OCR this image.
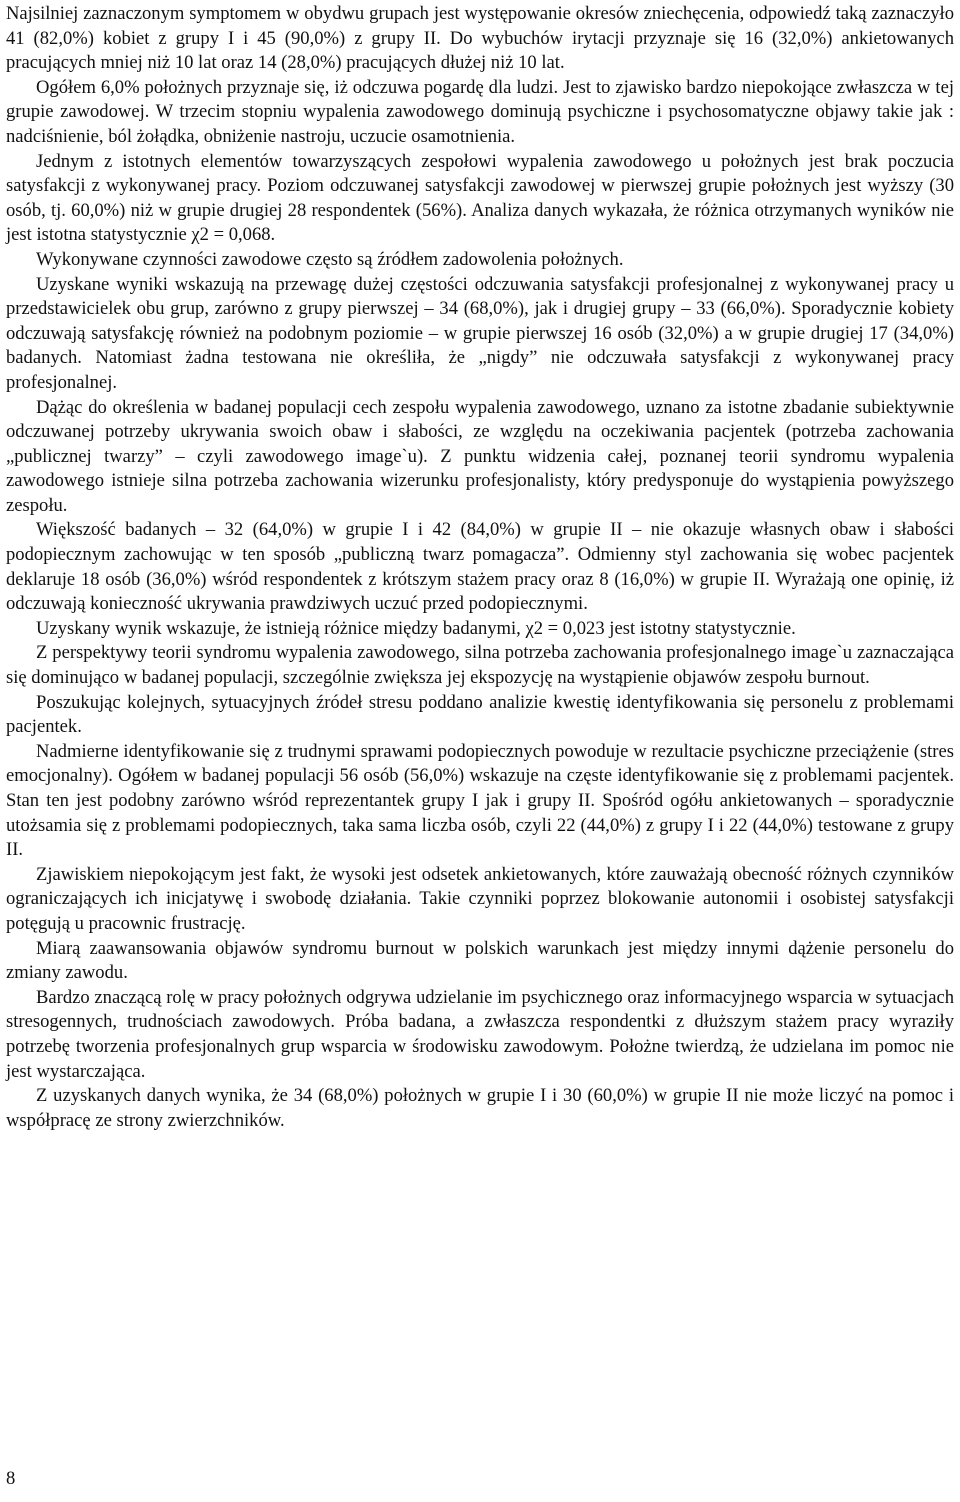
Najsilniej zaznaczonym symptomem w obydwu grupach jest występowanie okresów zniechęcenia, odpowiedź taką zaznaczyło 41 (82,0%) kobiet z grupy I i 45 (90,0%) z grupy II. Do wybuchów irytacji przyznaje się 16 (32,0%) ankietowanych pracujących mniej niż 10 lat oraz 14 (28,0%) pracujących dłużej niż 10 lat.

Ogółem 6,0% położnych przyznaje się, iż odczuwa pogardę dla ludzi. Jest to zjawisko bardzo niepokojące zwłaszcza w tej grupie zawodowej. W trzecim stopniu wypalenia zawodowego dominują psychiczne i psychosomatyczne objawy takie jak : nadciśnienie, ból żołądka, obniżenie nastroju, uczucie osamotnienia.

Jednym z istotnych elementów towarzyszących zespołowi wypalenia zawodowego u położnych jest brak poczucia satysfakcji z wykonywanej pracy. Poziom odczuwanej satysfakcji zawodowej w pierwszej grupie położnych jest wyższy (30 osób, tj. 60,0%) niż w grupie drugiej 28 respondentek (56%). Analiza danych wykazała, że różnica otrzymanych wyników nie jest istotna statystycznie χ2 = 0,068.

Wykonywane czynności zawodowe często są źródłem zadowolenia położnych.

Uzyskane wyniki wskazują na przewagę dużej częstości odczuwania satysfakcji profesjonalnej z wykonywanej pracy u przedstawicielek obu grup, zarówno z grupy pierwszej – 34 (68,0%), jak i drugiej grupy – 33 (66,0%). Sporadycznie kobiety odczuwają satysfakcję również na podobnym poziomie – w grupie pierwszej 16 osób (32,0%) a w grupie drugiej 17 (34,0%) badanych. Natomiast żadna testowana nie określiła, że „nigdy” nie odczuwała satysfakcji z wykonywanej pracy profesjonalnej.

Dążąc do określenia w badanej populacji cech zespołu wypalenia zawodowego, uznano za istotne zbadanie subiektywnie odczuwanej potrzeby ukrywania swoich obaw i słabości, ze względu na oczekiwania pacjentek (potrzeba zachowania „publicznej twarzy” – czyli zawodowego image`u). Z punktu widzenia całej, poznanej teorii syndromu wypalenia zawodowego istnieje silna potrzeba zachowania wizerunku profesjonalisty, który predysponuje do wystąpienia powyższego zespołu.

Większość badanych – 32 (64,0%) w grupie I i 42 (84,0%) w grupie II – nie okazuje własnych obaw i słabości podopiecznym zachowując w ten sposób „publiczną twarz pomagacza”. Odmienny styl zachowania się wobec pacjentek deklaruje 18 osób (36,0%) wśród respondentek z krótszym stażem pracy oraz 8 (16,0%) w grupie II. Wyrażają one opinię, iż odczuwają konieczność ukrywania prawdziwych uczuć przed podopiecznymi.

Uzyskany wynik wskazuje, że istnieją różnice między badanymi, χ2 = 0,023 jest istotny statystycznie.

Z perspektywy teorii syndromu wypalenia zawodowego, silna potrzeba zachowania profesjonalnego image`u zaznaczająca się dominująco w badanej populacji, szczególnie zwiększa jej ekspozycję na wystąpienie objawów zespołu burnout.

Poszukując kolejnych, sytuacyjnych źródeł stresu poddano analizie kwestię identyfikowania się personelu z problemami pacjentek.

Nadmierne identyfikowanie się z trudnymi sprawami podopiecznych powoduje w rezultacie psychiczne przeciążenie (stres emocjonalny). Ogółem w badanej populacji 56 osób (56,0%) wskazuje na częste identyfikowanie się z problemami pacjentek. Stan ten jest podobny zarówno wśród reprezentantek grupy I jak i grupy II. Spośród ogółu ankietowanych – sporadycznie utożsamia się z problemami podopiecznych, taka sama liczba osób, czyli 22 (44,0%) z grupy I i 22 (44,0%) testowane z grupy II.

Zjawiskiem niepokojącym jest fakt, że wysoki jest odsetek ankietowanych, które zauważają obecność różnych czynników ograniczających ich inicjatywę i swobodę działania. Takie czynniki poprzez blokowanie autonomii i osobistej satysfakcji potęgują u pracownic frustrację.

Miarą zaawansowania objawów syndromu burnout w polskich warunkach jest między innymi dążenie personelu do zmiany zawodu.

Bardzo znaczącą rolę w pracy położnych odgrywa udzielanie im psychicznego oraz informacyjnego wsparcia w sytuacjach stresogennych, trudnościach zawodowych. Próba badana, a zwłaszcza respondentki z dłuższym stażem pracy wyraziły potrzebę tworzenia profesjonalnych grup wsparcia w środowisku zawodowym. Położne twierdzą, że udzielana im pomoc nie jest wystarczająca.

Z uzyskanych danych wynika, że 34 (68,0%) położnych w grupie I i 30 (60,0%) w grupie II nie może liczyć na pomoc i współpracę ze strony zwierzchników.

8
